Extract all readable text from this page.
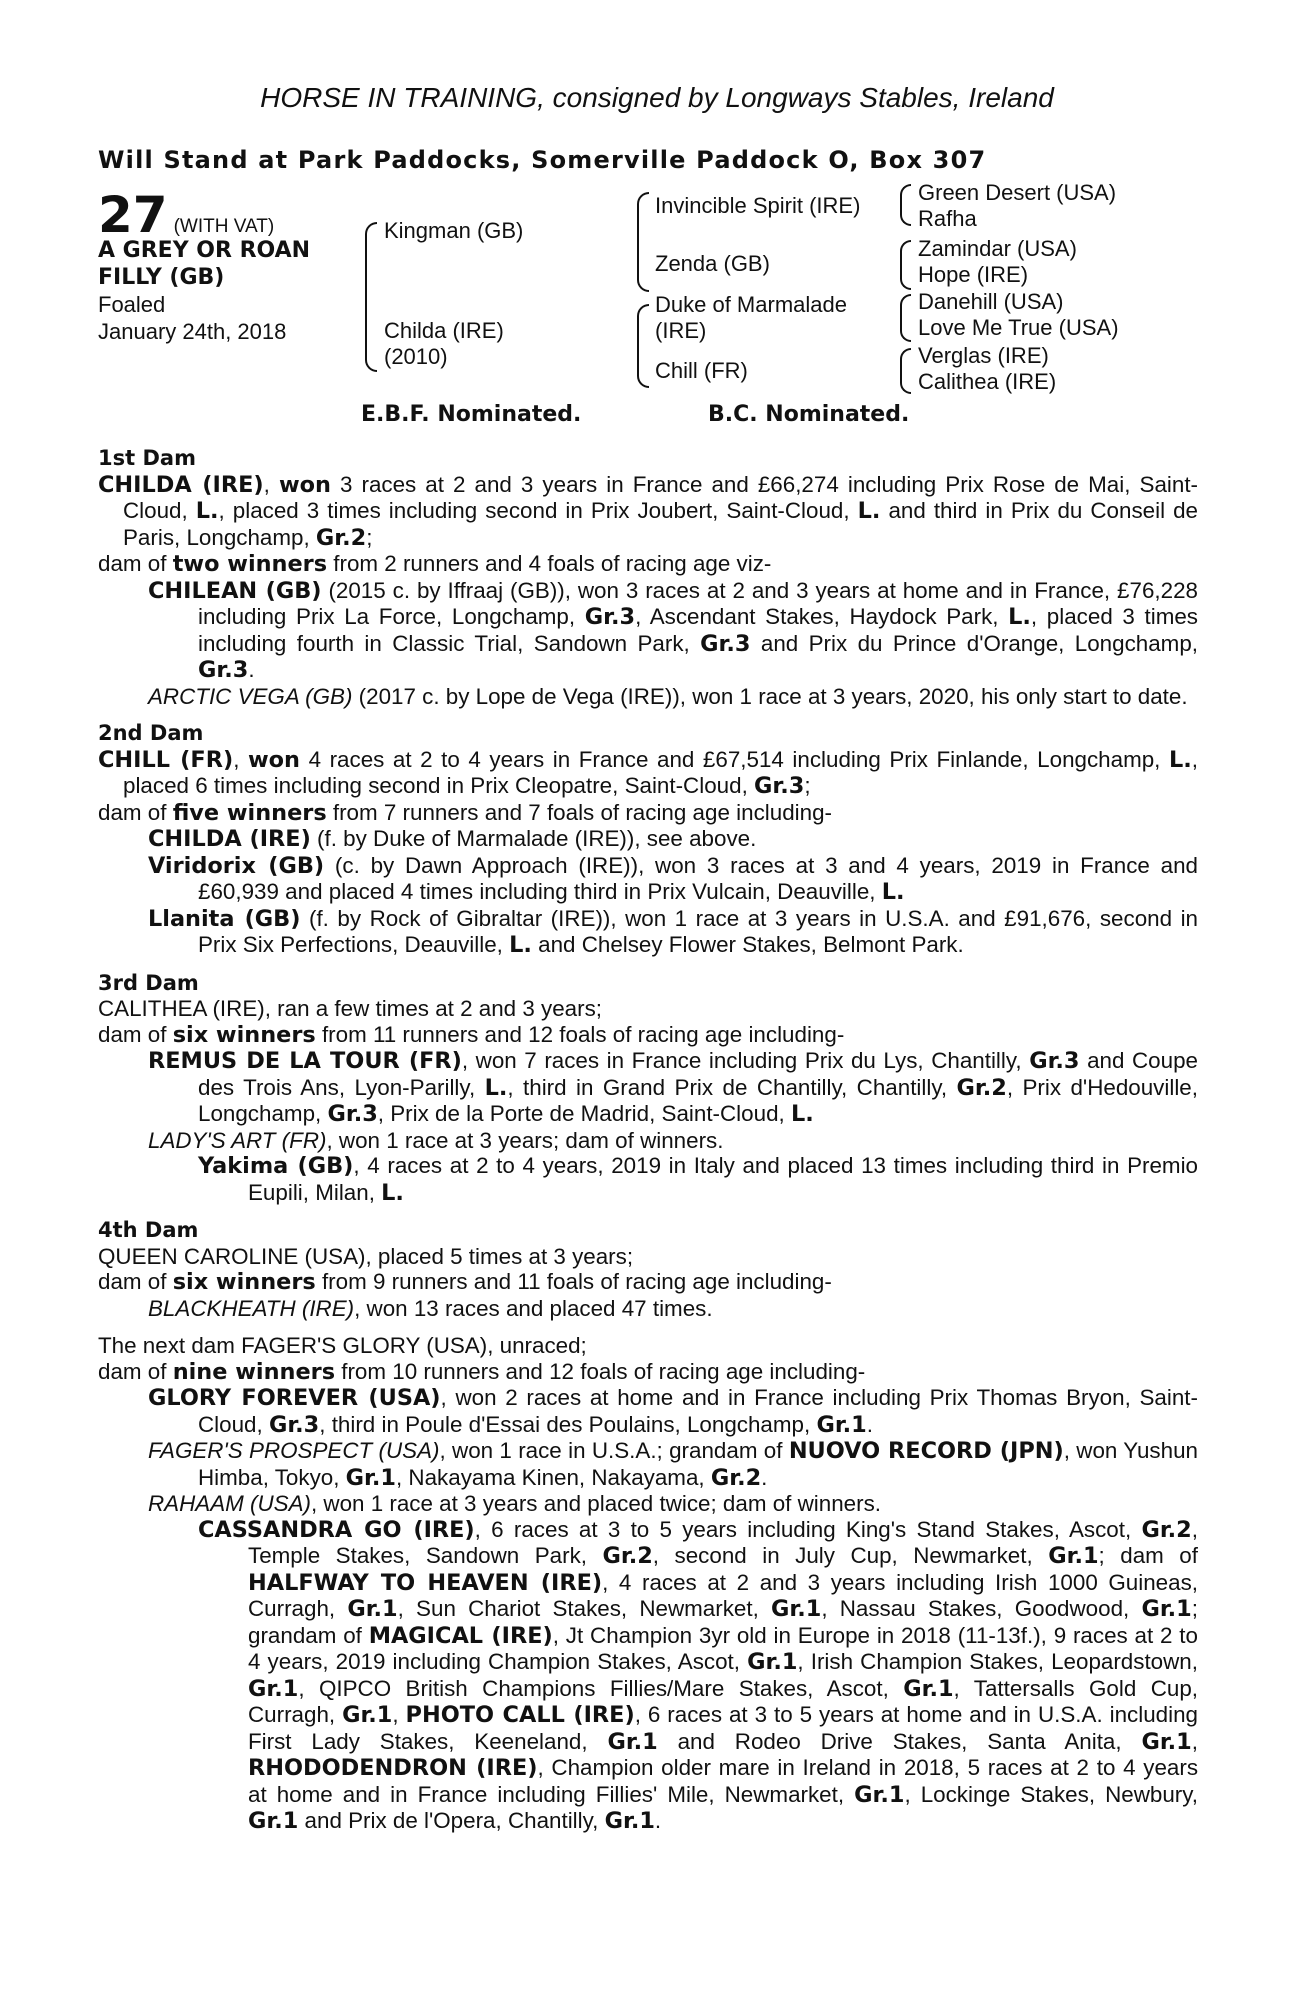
HORSE IN TRAINING, consigned by Longways Stables, Ireland
Will Stand at Park Paddocks, Somerville Paddock O, Box 307
27 (WITH VAT)
A GREY OR ROAN
FILLY (GB)
Foaled
January 24th, 2018
Kingman (GB)
Childa (IRE)
(2010)
Invincible Spirit (IRE)
Zenda (GB)
Duke of Marmalade
(IRE)
Chill (FR)
Green Desert (USA)
Rafha
Zamindar (USA)
Hope (IRE)
Danehill (USA)
Love Me True (USA)
Verglas (IRE)
Calithea (IRE)
E.B.F. Nominated.	B.C. Nominated.
1st Dam
CHILDA (IRE), won 3 races at 2 and 3 years in France and £66,274 including Prix Rose de Mai, Saint-Cloud, L., placed 3 times including second in Prix Joubert, Saint-Cloud, L. and third in Prix du Conseil de Paris, Longchamp, Gr.2;
dam of two winners from 2 runners and 4 foals of racing age viz-
CHILEAN (GB) (2015 c. by Iffraaj (GB)), won 3 races at 2 and 3 years at home and in France, £76,228 including Prix La Force, Longchamp, Gr.3, Ascendant Stakes, Haydock Park, L., placed 3 times including fourth in Classic Trial, Sandown Park, Gr.3 and Prix du Prince d'Orange, Longchamp, Gr.3.
ARCTIC VEGA (GB) (2017 c. by Lope de Vega (IRE)), won 1 race at 3 years, 2020, his only start to date.
2nd Dam
CHILL (FR), won 4 races at 2 to 4 years in France and £67,514 including Prix Finlande, Longchamp, L., placed 6 times including second in Prix Cleopatre, Saint-Cloud, Gr.3;
dam of five winners from 7 runners and 7 foals of racing age including-
CHILDA (IRE) (f. by Duke of Marmalade (IRE)), see above.
Viridorix (GB) (c. by Dawn Approach (IRE)), won 3 races at 3 and 4 years, 2019 in France and £60,939 and placed 4 times including third in Prix Vulcain, Deauville, L.
Llanita (GB) (f. by Rock of Gibraltar (IRE)), won 1 race at 3 years in U.S.A. and £91,676, second in Prix Six Perfections, Deauville, L. and Chelsey Flower Stakes, Belmont Park.
3rd Dam
CALITHEA (IRE), ran a few times at 2 and 3 years;
dam of six winners from 11 runners and 12 foals of racing age including-
REMUS DE LA TOUR (FR), won 7 races in France including Prix du Lys, Chantilly, Gr.3 and Coupe des Trois Ans, Lyon-Parilly, L., third in Grand Prix de Chantilly, Chantilly, Gr.2, Prix d'Hedouville, Longchamp, Gr.3, Prix de la Porte de Madrid, Saint-Cloud, L.
LADY'S ART (FR), won 1 race at 3 years; dam of winners.
Yakima (GB), 4 races at 2 to 4 years, 2019 in Italy and placed 13 times including third in Premio Eupili, Milan, L.
4th Dam
QUEEN CAROLINE (USA), placed 5 times at 3 years;
dam of six winners from 9 runners and 11 foals of racing age including-
BLACKHEATH (IRE), won 13 races and placed 47 times.
The next dam FAGER'S GLORY (USA), unraced;
dam of nine winners from 10 runners and 12 foals of racing age including-
GLORY FOREVER (USA), won 2 races at home and in France including Prix Thomas Bryon, Saint-Cloud, Gr.3, third in Poule d'Essai des Poulains, Longchamp, Gr.1.
FAGER'S PROSPECT (USA), won 1 race in U.S.A.; grandam of NUOVO RECORD (JPN), won Yushun Himba, Tokyo, Gr.1, Nakayama Kinen, Nakayama, Gr.2.
RAHAAM (USA), won 1 race at 3 years and placed twice; dam of winners.
CASSANDRA GO (IRE), 6 races at 3 to 5 years including King's Stand Stakes, Ascot, Gr.2, Temple Stakes, Sandown Park, Gr.2, second in July Cup, Newmarket, Gr.1; dam of HALFWAY TO HEAVEN (IRE), 4 races at 2 and 3 years including Irish 1000 Guineas, Curragh, Gr.1, Sun Chariot Stakes, Newmarket, Gr.1, Nassau Stakes, Goodwood, Gr.1; grandam of MAGICAL (IRE), Jt Champion 3yr old in Europe in 2018 (11-13f.), 9 races at 2 to 4 years, 2019 including Champion Stakes, Ascot, Gr.1, Irish Champion Stakes, Leopardstown, Gr.1, QIPCO British Champions Fillies/Mare Stakes, Ascot, Gr.1, Tattersalls Gold Cup, Curragh, Gr.1, PHOTO CALL (IRE), 6 races at 3 to 5 years at home and in U.S.A. including First Lady Stakes, Keeneland, Gr.1 and Rodeo Drive Stakes, Santa Anita, Gr.1, RHODODENDRON (IRE), Champion older mare in Ireland in 2018, 5 races at 2 to 4 years at home and in France including Fillies' Mile, Newmarket, Gr.1, Lockinge Stakes, Newbury, Gr.1 and Prix de l'Opera, Chantilly, Gr.1.
